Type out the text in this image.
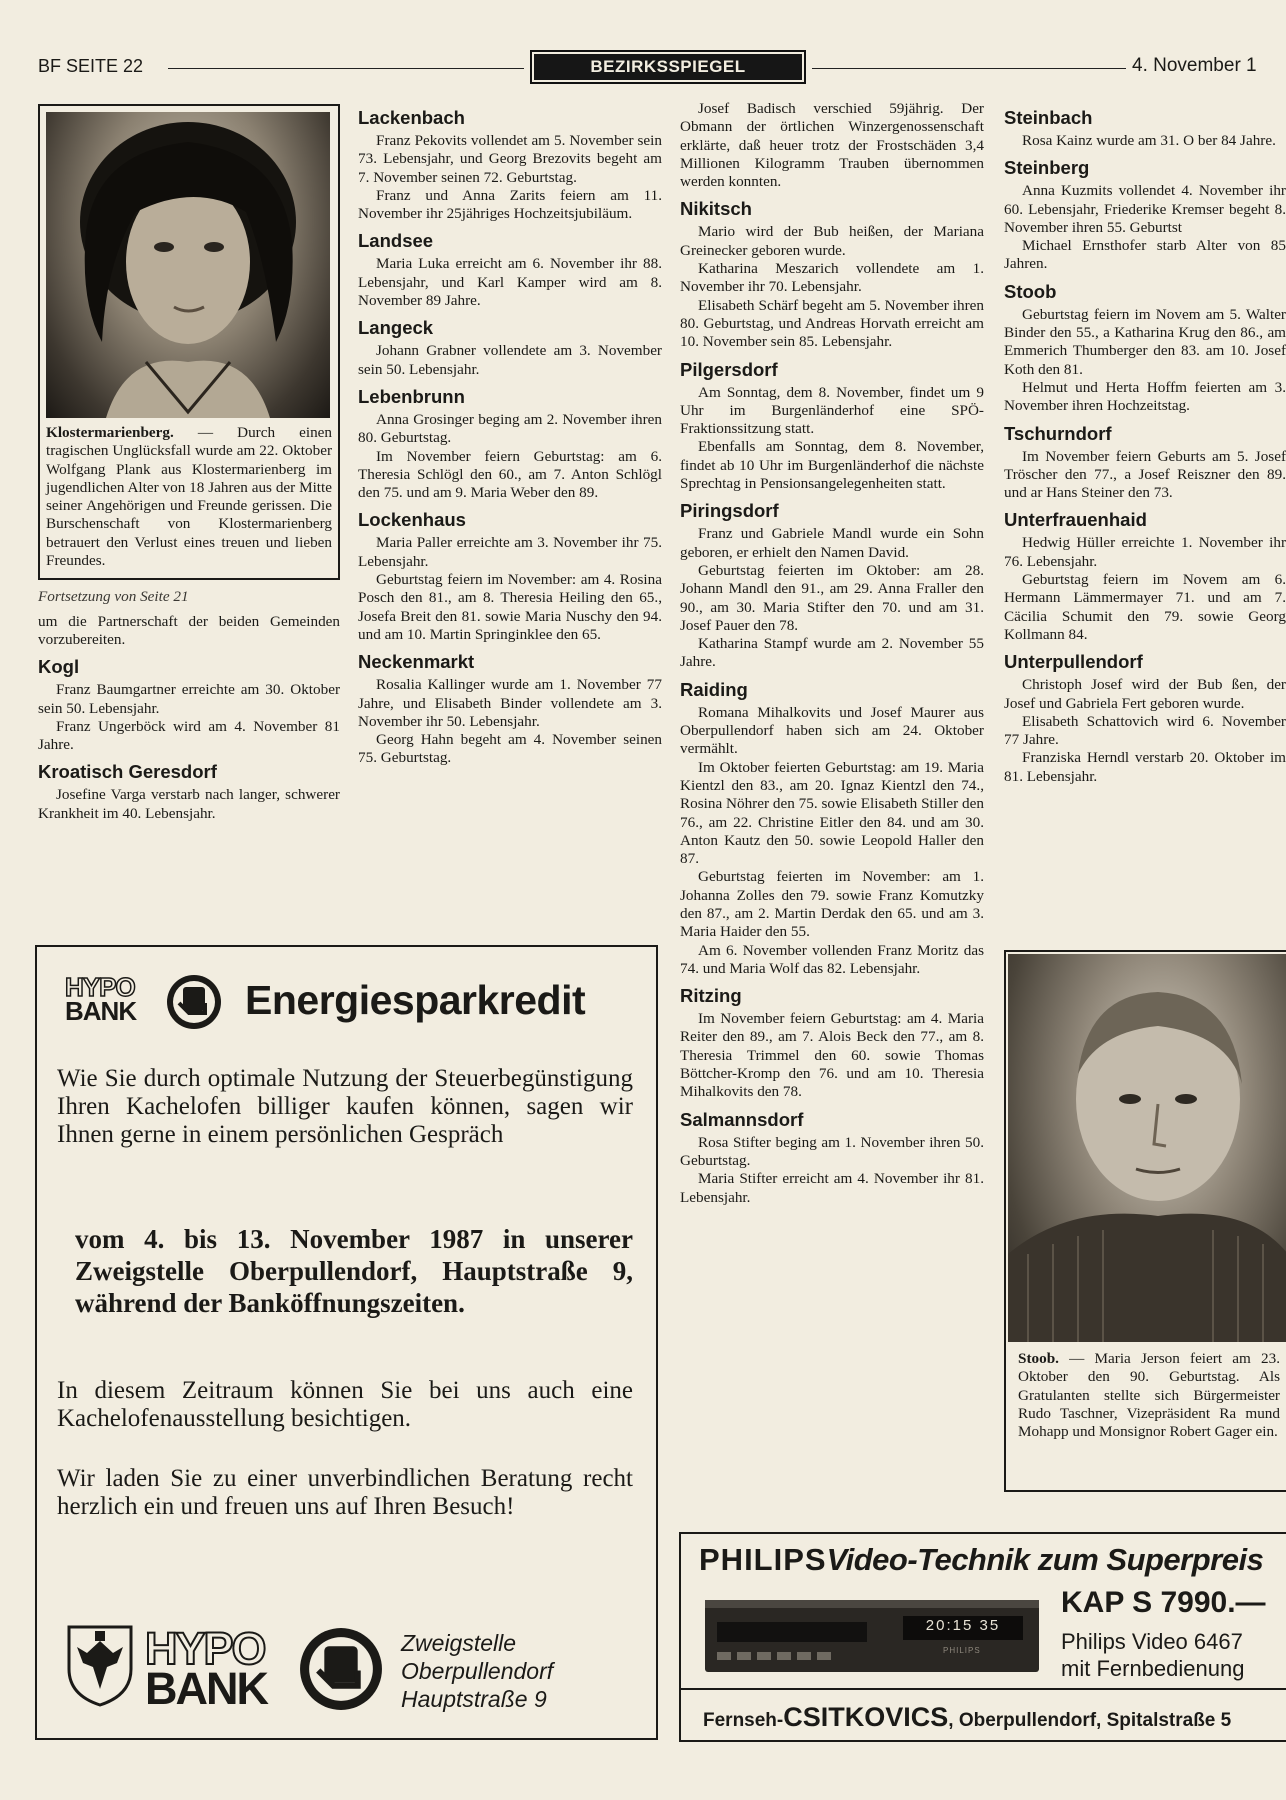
BF SEITE 22	BEZIRKSSPIEGEL	4. November 1
Klostermarienberg. — Durch einen tragischen Unglücksfall wurde am 22. Oktober Wolfgang Plank aus Klostermarienberg im jugendlichen Alter von 18 Jahren aus der Mitte seiner Angehörigen und Freunde gerissen. Die Burschenschaft von Klostermarienberg betrauert den Verlust eines treuen und lieben Freundes.
Fortsetzung von Seite 21

um die Partnerschaft der beiden Gemeinden vorzubereiten.

Kogl

Franz Baumgartner erreichte am 30. Oktober sein 50. Lebensjahr.

Franz Ungerböck wird am 4. November 81 Jahre.

Kroatisch Geresdorf

Josefine Varga verstarb nach langer, schwerer Krankheit im 40. Lebensjahr.

Lackenbach

Franz Pekovits vollendet am 5. November sein 73. Lebensjahr, und Georg Brezovits begeht am 7. November seinen 72. Geburtstag.

Franz und Anna Zarits feiern am 11. November ihr 25jähriges Hochzeitsjubiläum.

Landsee

Maria Luka erreicht am 6. November ihr 88. Lebensjahr, und Karl Kamper wird am 8. November 89 Jahre.

Langeck

Johann Grabner vollendete am 3. November sein 50. Lebensjahr.

Lebenbrunn

Anna Grosinger beging am 2. November ihren 80. Geburtstag.

Im November feiern Geburtstag: am 6. Theresia Schlögl den 60., am 7. Anton Schlögl den 75. und am 9. Maria Weber den 89.

Lockenhaus

Maria Paller erreichte am 3. November ihr 75. Lebensjahr.

Geburtstag feiern im November: am 4. Rosina Posch den 81., am 8. Theresia Heiling den 65., Josefa Breit den 81. sowie Maria Nuschy den 94. und am 10. Martin Springinklee den 65.

Neckenmarkt

Rosalia Kallinger wurde am 1. November 77 Jahre, und Elisabeth Binder vollendete am 3. November ihr 50. Lebensjahr.

Georg Hahn begeht am 4. November seinen 75. Geburtstag.

Josef Badisch verschied 59jährig. Der Obmann der örtlichen Winzergenossenschaft erklärte, daß heuer trotz der Frostschäden 3,4 Millionen Kilogramm Trauben übernommen werden konnten.

Nikitsch

Mario wird der Bub heißen, der Mariana Greinecker geboren wurde.

Katharina Meszarich vollendete am 1. November ihr 70. Lebensjahr.

Elisabeth Schärf begeht am 5. November ihren 80. Geburtstag, und Andreas Horvath erreicht am 10. November sein 85. Lebensjahr.

Pilgersdorf

Am Sonntag, dem 8. November, findet um 9 Uhr im Burgenländerhof eine SPÖ-Fraktionssitzung statt.

Ebenfalls am Sonntag, dem 8. November, findet ab 10 Uhr im Burgenländerhof die nächste Sprechtag in Pensionsangelegenheiten statt.

Piringsdorf

Franz und Gabriele Mandl wurde ein Sohn geboren, er erhielt den Namen David.

Geburtstag feierten im Oktober: am 28. Johann Mandl den 91., am 29. Anna Fraller den 90., am 30. Maria Stifter den 70. und am 31. Josef Pauer den 78.

Katharina Stampf wurde am 2. November 55 Jahre.

Raiding

Romana Mihalkovits und Josef Maurer aus Oberpullendorf haben sich am 24. Oktober vermählt.

Im Oktober feierten Geburtstag: am 19. Maria Kientzl den 83., am 20. Ignaz Kientzl den 74., Rosina Nöhrer den 75. sowie Elisabeth Stiller den 76., am 22. Christine Eitler den 84. und am 30. Anton Kautz den 50. sowie Leopold Haller den 87.

Geburtstag feierten im November: am 1. Johanna Zolles den 79. sowie Franz Komutzky den 87., am 2. Martin Derdak den 65. und am 3. Maria Haider den 55.

Am 6. November vollenden Franz Moritz das 74. und Maria Wolf das 82. Lebensjahr.

Ritzing

Im November feiern Geburtstag: am 4. Maria Reiter den 89., am 7. Alois Beck den 77., am 8. Theresia Trimmel den 60. sowie Thomas Böttcher-Kromp den 76. und am 10. Theresia Mihalkovits den 78.

Salmannsdorf

Rosa Stifter beging am 1. November ihren 50. Geburtstag.

Maria Stifter erreicht am 4. November ihr 81. Lebensjahr.

Steinbach

Rosa Kainz wurde am 31. O ber 84 Jahre.

Steinberg

Anna Kuzmits vollendet 4. November ihr 60. Lebensjahr, Friederike Kremser begeht 8. November ihren 55. Geburtst

Michael Ernsthofer starb Alter von 85 Jahren.

Stoob

Geburtstag feiern im Novem am 5. Walter Binder den 55., a Katharina Krug den 86., am Emmerich Thumberger den 83. am 10. Josef Koth den 81.

Helmut und Herta Hoffm feierten am 3. November ihren Hochzeitstag.

Tschurndorf

Im November feiern Geburts am 5. Josef Tröscher den 77., a Josef Reiszner den 89. und ar Hans Steiner den 73.

Unterfrauenhaid

Hedwig Hüller erreichte 1. November ihr 76. Lebensjahr.

Geburtstag feiern im Novem am 6. Hermann Lämmermayer 71. und am 7. Cäcilia Schumit den 79. sowie Georg Kollmann 84.

Unterpullendorf

Christoph Josef wird der Bub ßen, der Josef und Gabriela Fert geboren wurde.

Elisabeth Schattovich wird 6. November 77 Jahre.

Franziska Herndl verstarb 20. Oktober im 81. Lebensjahr.

Stoob. — Maria Jerson feiert am 23. Oktober den 90. Geburtstag. Als Gratulanten stellte sich Bürgermeister Rudo Taschner, Vizepräsident Ra mund Mohapp und Monsignor Robert Gager ein.
HYPO
BANK	Energiesparkredit
Wie Sie durch optimale Nutzung der Steuerbegünstigung Ihren Kachelofen billiger kaufen können, sagen wir Ihnen gerne in einem persönlichen Gespräch
vom 4. bis 13. November 1987 in unserer Zweigstelle Oberpullendorf, Hauptstraße 9, während der Banköffnungszeiten.
In diesem Zeitraum können Sie bei uns auch eine Kachelofenausstellung besichtigen.
Wir laden Sie zu einer unverbindlichen Beratung recht herzlich ein und freuen uns auf Ihren Besuch!
HYPO
BANK
Zweigstelle
Oberpullendorf
Hauptstraße 9
PHILIPSVideo-Technik zum Superpreis
20:15 35
PHILIPS
KAP S 7990.—
Philips Video 6467
mit Fernbedienung
Fernseh-CSITKOVICS, Oberpullendorf, Spitalstraße 5
